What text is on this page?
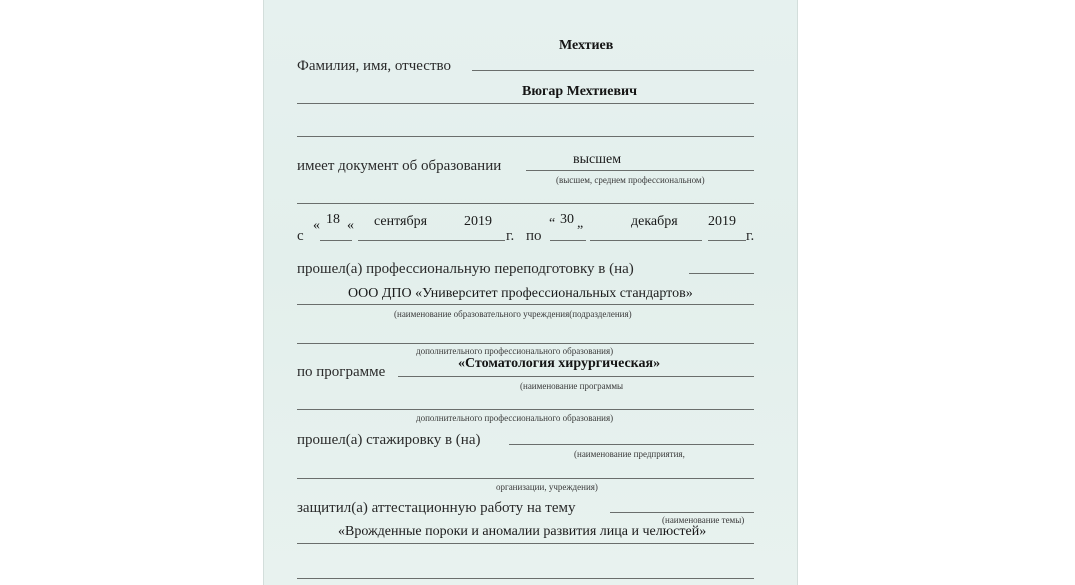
Мехтиев
Фамилия, имя, отчество
Вюгар Мехтиевич
высшем
имеет документ об образовании
(высшем, среднем профессиональном)
с
« 18 « сентября	2019
г. по
“ 30 „	декабря 2019
г.
прошел(а) профессиональную переподготовку в (на)
ООО ДПО «Университет профессиональных стандартов»
(наименование образовательного учреждения(подразделения)
дополнительного профессионального образования)
по программе
«Стоматология хирургическая»
(наименование программы
дополнительного профессионального образования)
прошел(а) стажировку в (на)
(наименование предприятия,
организации, учреждения)
защитил(а) аттестационную работу на тему
(наименование темы)
«Врожденные пороки и аномалии развития лица и челюстей»
